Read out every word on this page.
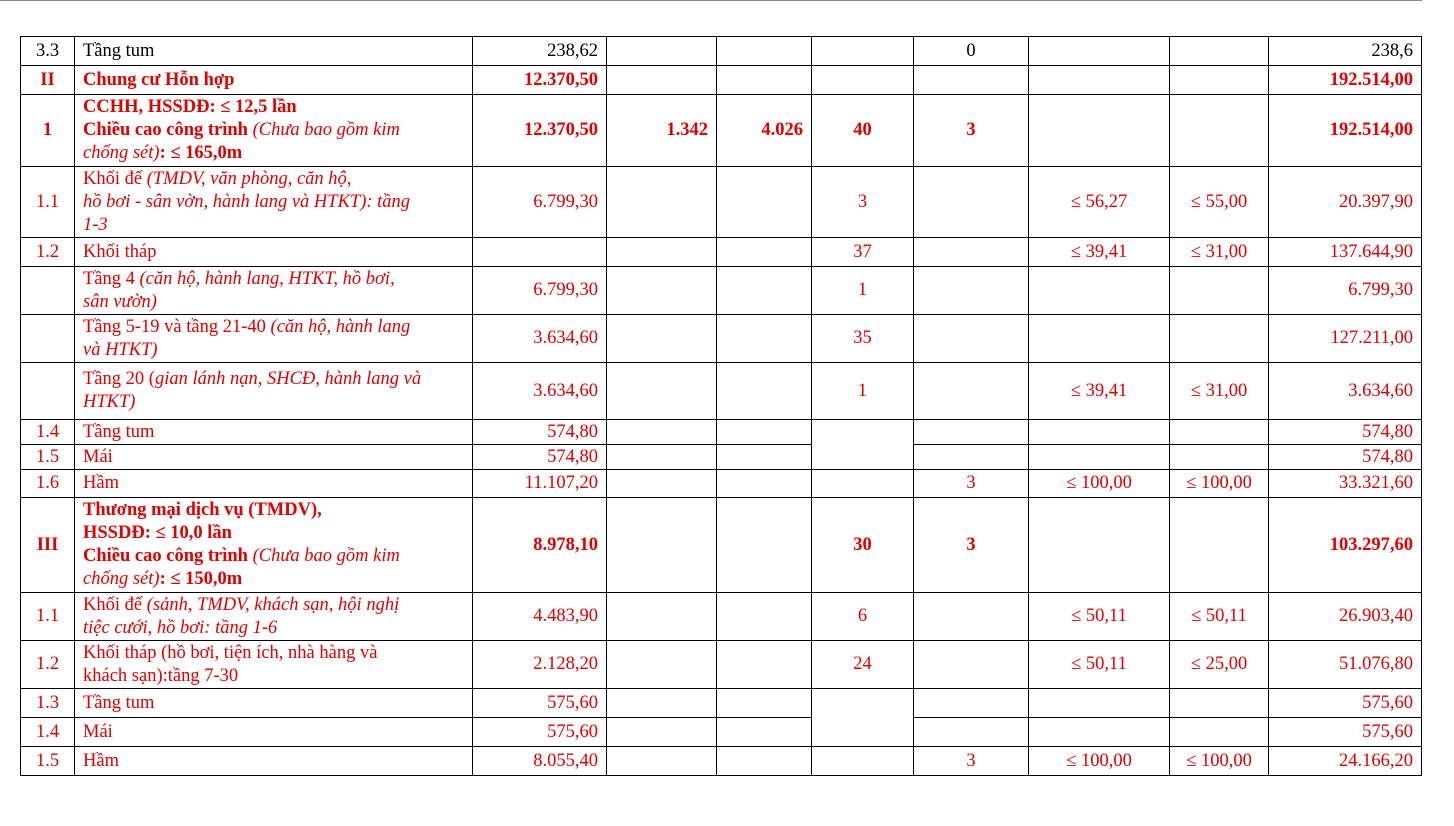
3.3	Tầng tum	238,62				0			238,6
II	Chung cư Hỗn hợp	12.370,50							192.514,00
1	CCHH, HSSDĐ: ≤ 12,5 lần
Chiều cao công trình (Chưa bao gồm kim
chống sét): ≤ 165,0m	12.370,50	1.342	4.026	40	3			192.514,00
1.1	Khối đế (TMDV, văn phòng, căn hộ,
hồ bơi - sân vờn, hành lang và HTKT): tầng
1-3	6.799,30			3		≤ 56,27	≤ 55,00	20.397,90
1.2	Khối tháp				37		≤ 39,41	≤ 31,00	137.644,90

	Tầng 4 (căn hộ, hành lang, HTKT, hồ bơi,
sân vườn)	6.799,30			1				6.799,30

	Tầng 5-19 và tầng 21-40 (căn hộ, hành lang
và HTKT)	3.634,60			35				127.211,00

	Tầng 20 (gian lánh nạn, SHCĐ, hành lang và
HTKT)	3.634,60			1		≤ 39,41	≤ 31,00	3.634,60
1.4	Tầng tum	574,80							574,80
1.5	Mái	574,80							574,80
1.6	Hầm	11.107,20				3	≤ 100,00	≤ 100,00	33.321,60
III	Thương mại dịch vụ (TMDV),
HSSDĐ: ≤ 10,0 lần
Chiều cao công trình (Chưa bao gồm kim
chống sét): ≤ 150,0m	8.978,10			30	3			103.297,60
1.1	Khối đế (sảnh, TMDV, khách sạn, hội nghị
tiệc cưới, hồ bơi: tầng 1-6	4.483,90			6		≤ 50,11	≤ 50,11	26.903,40
1.2	Khối tháp (hồ bơi, tiện ích, nhà hàng và
khách sạn):tầng 7-30	2.128,20			24		≤ 50,11	≤ 25,00	51.076,80
1.3	Tầng tum	575,60							575,60
1.4	Mái	575,60							575,60
1.5	Hầm	8.055,40				3	≤ 100,00	≤ 100,00	24.166,20
